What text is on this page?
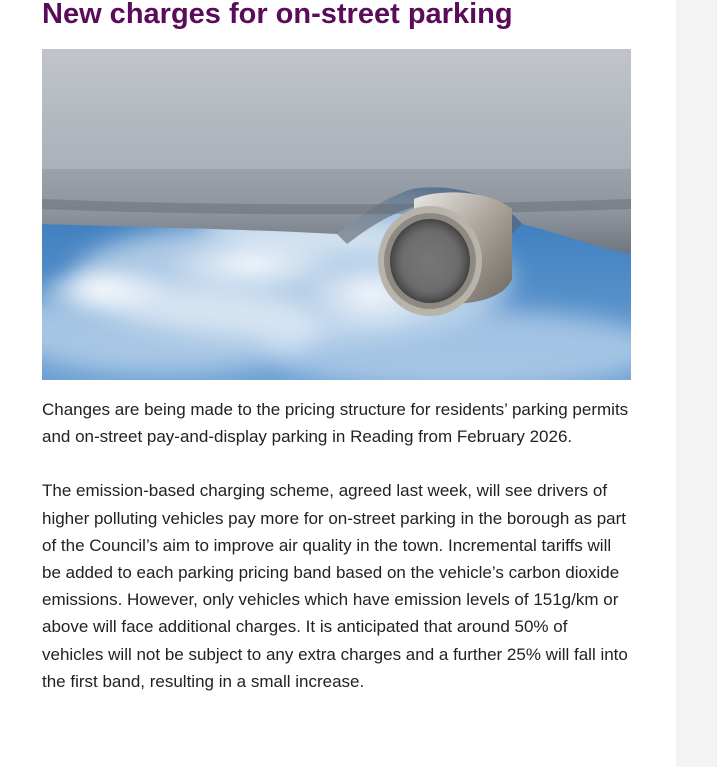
New charges for on-street parking

Changes are being made to the pricing structure for residents’ parking permits and on-street pay-and-display parking in Reading from February 2026.

The emission-based charging scheme, agreed last week, will see drivers of higher polluting vehicles pay more for on-street parking in the borough as part of the Council’s aim to improve air quality in the town. Incremental tariffs will be added to each parking pricing band based on the vehicle’s carbon dioxide emissions. However, only vehicles which have emission levels of 151g/km or above will face additional charges. It is anticipated that around 50% of vehicles will not be subject to any extra charges and a further 25% will fall into the first band, resulting in a small increase.
